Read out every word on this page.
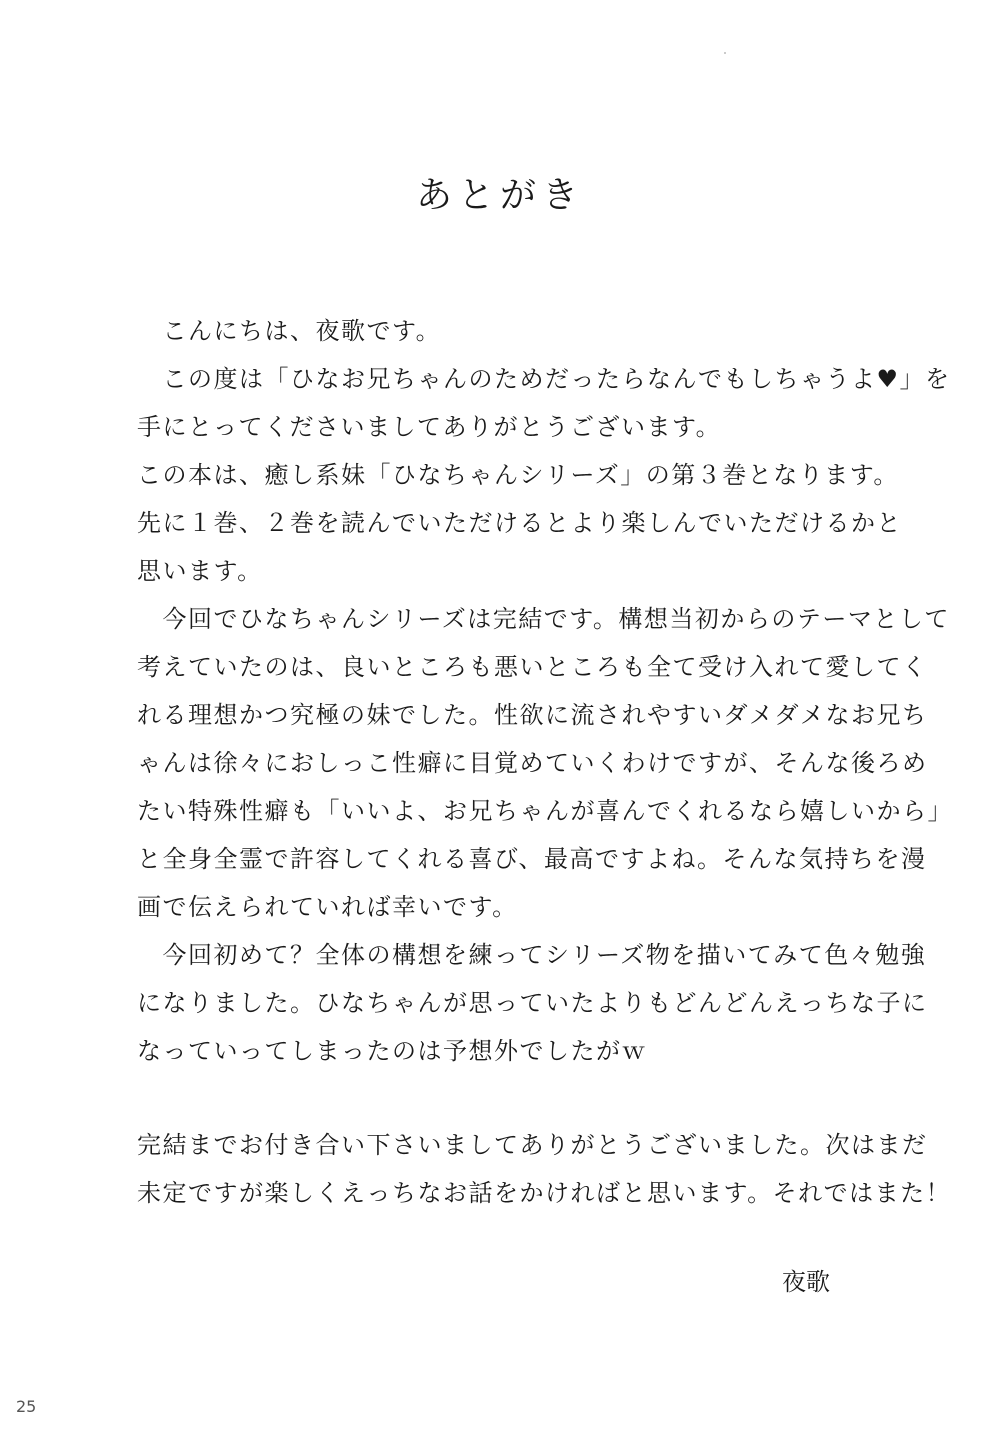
あとがき
　こんにちは、夜歌です。
　この度は「ひなお兄ちゃんのためだったらなんでもしちゃうよ♥」を
手にとってくださいましてありがとうございます。
この本は、癒し系妹「ひなちゃんシリーズ」の第３巻となります。
先に１巻、２巻を読んでいただけるとより楽しんでいただけるかと
思います。
　今回でひなちゃんシリーズは完結です。構想当初からのテーマとして
考えていたのは、良いところも悪いところも全て受け入れて愛してく
れる理想かつ究極の妹でした。性欲に流されやすいダメダメなお兄ち
ゃんは徐々におしっこ性癖に目覚めていくわけですが、そんな後ろめ
たい特殊性癖も「いいよ、お兄ちゃんが喜んでくれるなら嬉しいから」
と全身全霊で許容してくれる喜び、最高ですよね。そんな気持ちを漫
画で伝えられていれば幸いです。
　今回初めて？全体の構想を練ってシリーズ物を描いてみて色々勉強
になりました。ひなちゃんが思っていたよりもどんどんえっちな子に
なっていってしまったのは予想外でしたがｗ
完結までお付き合い下さいましてありがとうございました。次はまだ
未定ですが楽しくえっちなお話をかければと思います。それではまた！
夜歌
25
